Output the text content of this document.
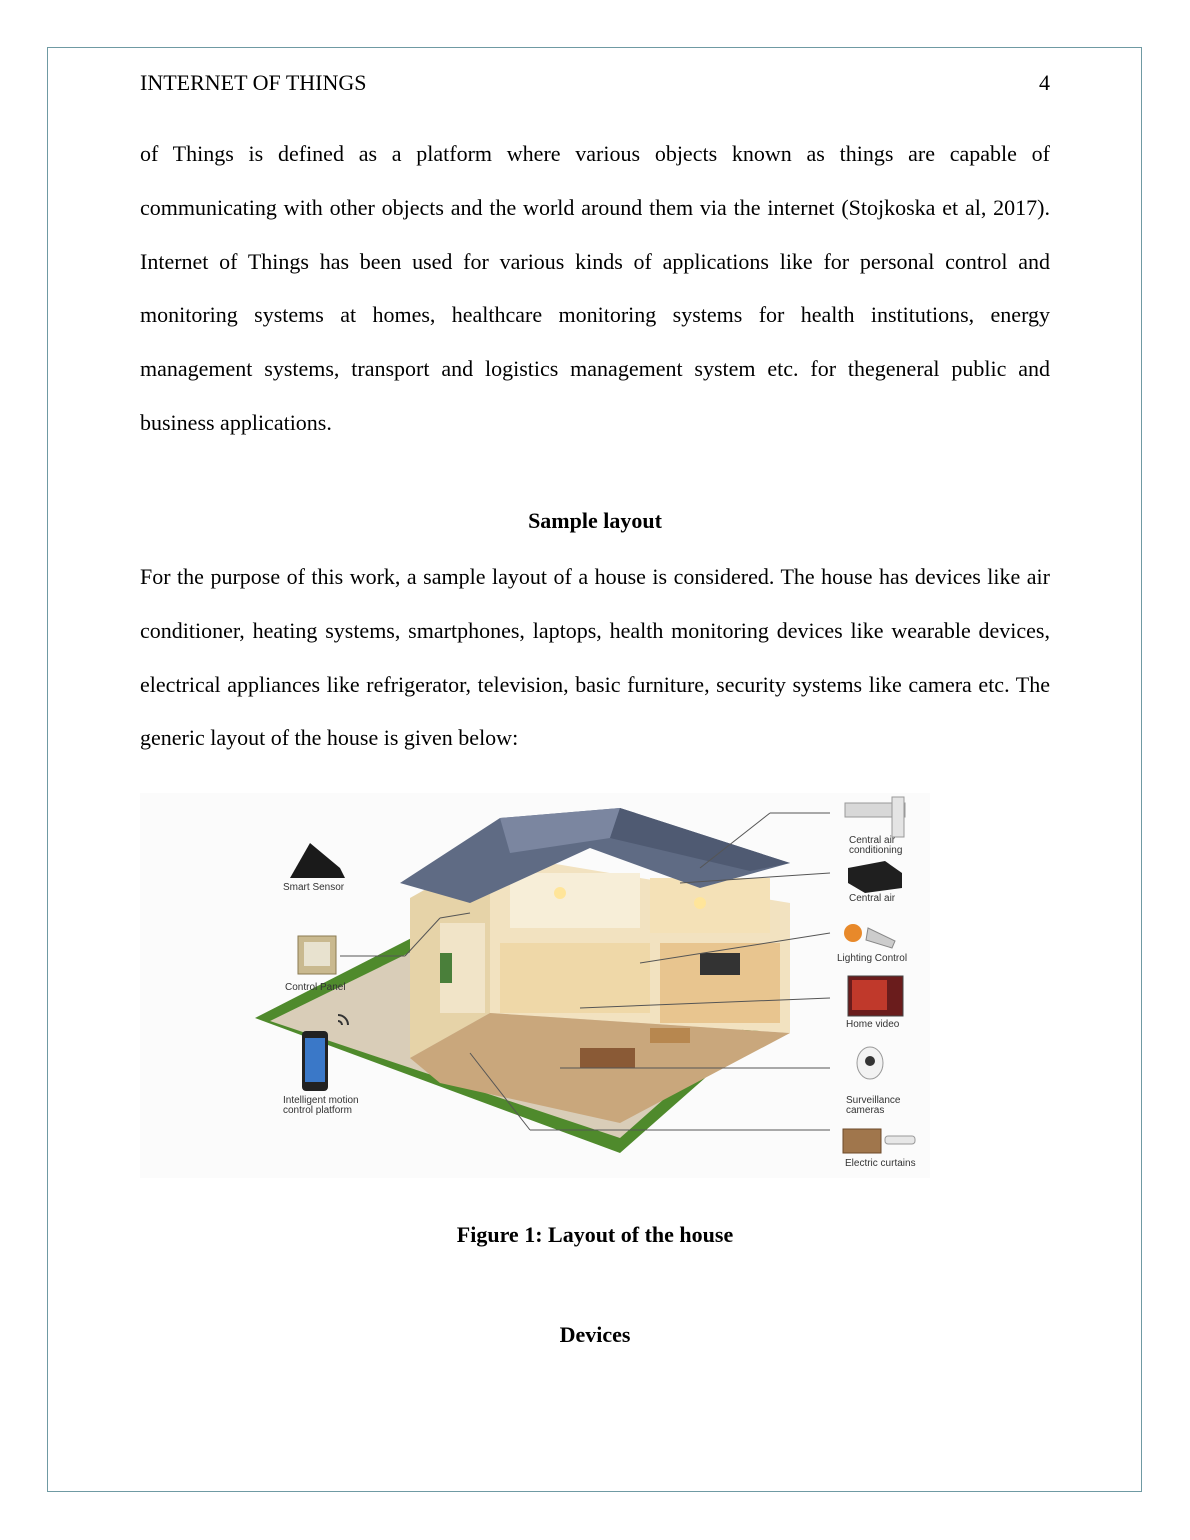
INTERNET OF THINGS	4

of Things is defined as a platform where various objects known as things are capable of communicating with other objects and the world around them via the internet (Stojkoska et al, 2017). Internet of Things has been used for various kinds of applications like for personal control and monitoring systems at homes, healthcare monitoring systems for health institutions, energy management systems, transport and logistics management system etc. for thegeneral public and business applications.

Sample layout

For the purpose of this work, a sample layout of a house is considered. The house has devices like air conditioner, heating systems, smartphones, laptops, health monitoring devices like wearable devices, electrical appliances like refrigerator, television, basic furniture, security systems like camera etc. The generic layout of the house is given below:

Smart Sensor
Control Panel
Intelligent motion
control platform
Central air
conditioning
Central air
Lighting Control
Home video
Surveillance
cameras
Electric curtains
Figure 1: Layout of the house
Devices
